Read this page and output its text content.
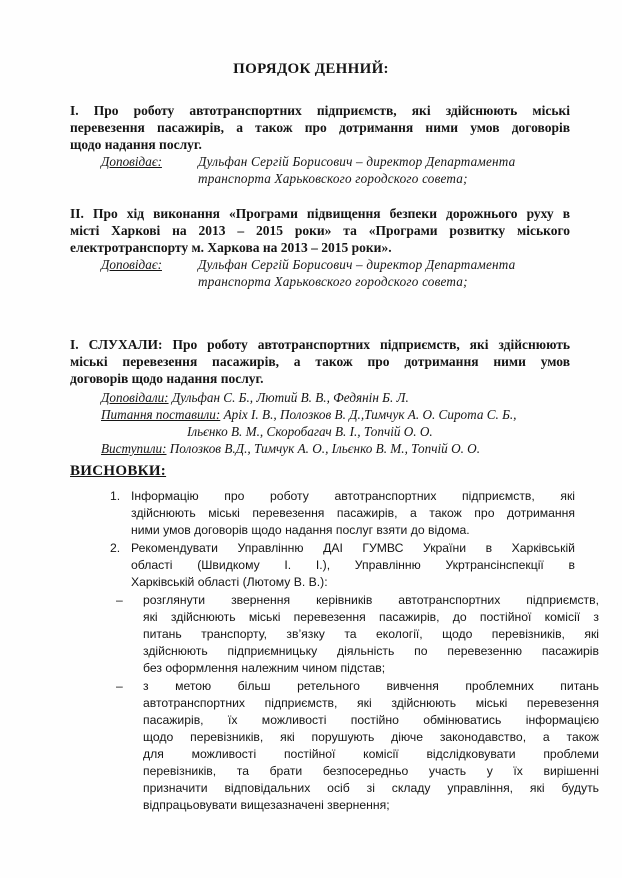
ПОРЯДОК ДЕННИЙ:
I. Про роботу автотранспортних підприємств, які здійснюють міські
перевезення пасажирів, а також про дотримання ними умов договорів
щодо надання послуг.
Доповідає:	Дульфан Сергій Борисович – директор Департамента
транспорта Харьковского городского совета;
II. Про хід виконання «Програми підвищення безпеки дорожнього руху в
місті Харкові на 2013 – 2015 роки» та «Програми розвитку міського
електротранспорту м. Харкова на 2013 – 2015 роки».
Доповідає:	Дульфан Сергій Борисович – директор Департамента
транспорта Харьковского городского совета;
I. СЛУХАЛИ: Про роботу автотранспортних підприємств, які здійснюють
міські перевезення пасажирів, а також про дотримання ними умов
договорів щодо надання послуг.
Доповідали: Дульфан С. Б., Лютий В. В., Федянін Б. Л.
Питання поставили: Аріх І. В., Полозков В. Д.,Тимчук А. О. Сирота С. Б.,
Ільєнко В. М., Скоробагач В. І., Топчій О. О.
Виступили: Полозков В.Д., Тимчук А. О., Ільєнко В. М., Топчій О. О.
ВИСНОВКИ:
1. Інформацію про роботу автотранспортних підприємств, які
здійснюють міські перевезення пасажирів, а також про дотримання
ними умов договорів щодо надання послуг взяти до відома.
2. Рекомендувати Управлінню ДАІ ГУМВС України в Харківській
області (Швидкому І. І.), Управлінню Укртрансінспекції в
Харківській області (Лютому В. В.):
– розглянути звернення керівників автотранспортних підприємств,
які здійснюють міські перевезення пасажирів, до постійної комісії з
питань транспорту, зв’язку та екології, щодо перевізників, які
здійснюють підприємницьку діяльність по перевезенню пасажирів
без оформлення належним чином підстав;
– з метою більш ретельного вивчення проблемних питань
автотранспортних підприємств, які здійснюють міські перевезення
пасажирів, їх можливості постійно обмінюватись інформацією
щодо перевізників, які порушують діюче законодавство, а також
для можливості постійної комісії відслідковувати проблеми
перевізників, та брати безпосередньо участь у їх вирішенні
призначити відповідальних осіб зі складу управління, які будуть
відпрацьовувати вищезазначені звернення;
